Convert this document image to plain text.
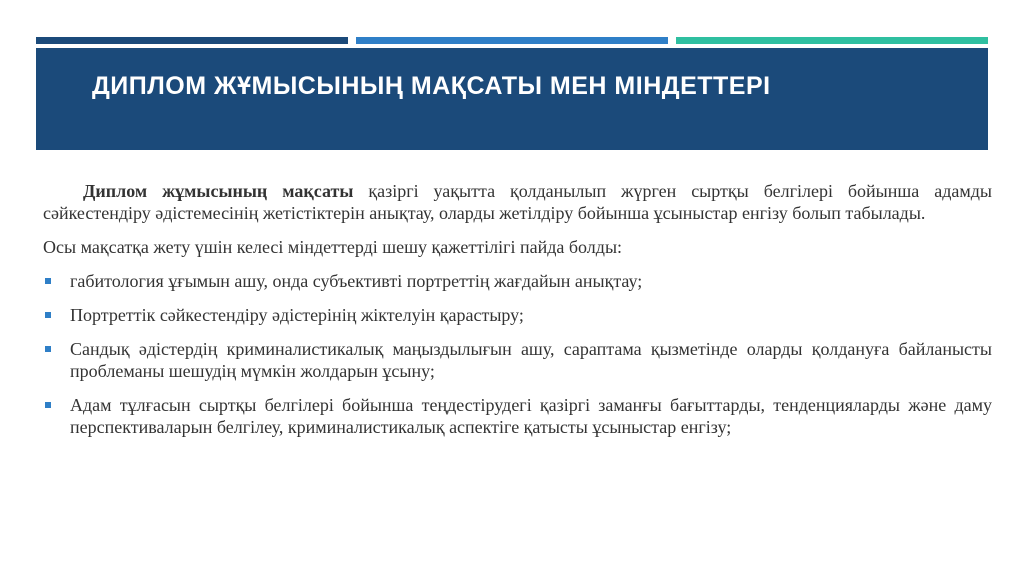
ДИПЛОМ ЖҰМЫСЫНЫҢ МАҚСАТЫ МЕН МІНДЕТТЕРІ

Диплом жұмысының мақсаты қазіргі уақытта қолданылып жүрген сыртқы белгілері бойынша адамды сәйкестендіру әдістемесінің жетістіктерін анықтау, оларды жетілдіру бойынша ұсыныстар енгізу болып табылады.

Осы мақсатқа жету үшін келесі міндеттерді шешу қажеттілігі пайда болды:

габитология ұғымын ашу, онда субъективті портреттің жағдайын анықтау;
Портреттік сәйкестендіру әдістерінің жіктелуін қарастыру;
Сандық әдістердің криминалистикалық маңыздылығын ашу, сараптама қызметінде оларды қолдануға байланысты проблеманы шешудің мүмкін жолдарын ұсыну;
Адам тұлғасын сыртқы белгілері бойынша теңдестірудегі қазіргі заманғы бағыттарды, тенденцияларды және даму перспективаларын белгілеу, криминалистикалық аспектіге қатысты ұсыныстар енгізу;
